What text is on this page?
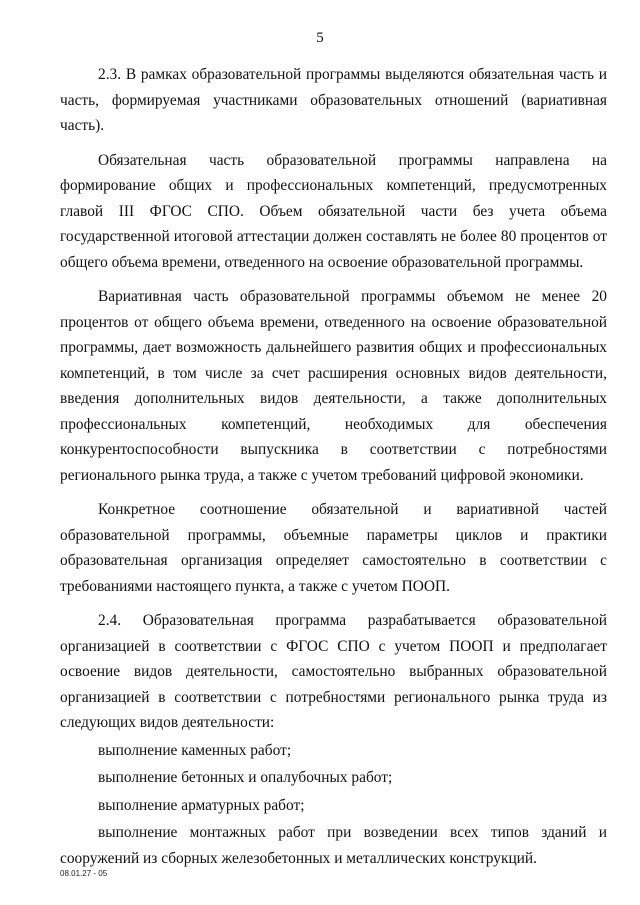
5

2.3. В рамках образовательной программы выделяются обязательная часть и часть, формируемая участниками образовательных отношений (вариативная часть).

Обязательная часть образовательной программы направлена на формирование общих и профессиональных компетенций, предусмотренных главой III ФГОС СПО. Объем обязательной части без учета объема государственной итоговой аттестации должен составлять не более 80 процентов от общего объема времени, отведенного на освоение образовательной программы.

Вариативная часть образовательной программы объемом не менее 20 процентов от общего объема времени, отведенного на освоение образовательной программы, дает возможность дальнейшего развития общих и профессиональных компетенций, в том числе за счет расширения основных видов деятельности, введения дополнительных видов деятельности, а также дополнительных профессиональных компетенций, необходимых для обеспечения конкурентоспособности выпускника в соответствии с потребностями регионального рынка труда, а также с учетом требований цифровой экономики.

Конкретное соотношение обязательной и вариативной частей образовательной программы, объемные параметры циклов и практики образовательная организация определяет самостоятельно в соответствии с требованиями настоящего пункта, а также с учетом ПООП.

2.4. Образовательная программа разрабатывается образовательной организацией в соответствии с ФГОС СПО с учетом ПООП и предполагает освоение видов деятельности, самостоятельно выбранных образовательной организацией в соответствии с потребностями регионального рынка труда из следующих видов деятельности:

выполнение каменных работ;

выполнение бетонных и опалубочных работ;

выполнение арматурных работ;

выполнение монтажных работ при возведении всех типов зданий и сооружений из сборных железобетонных и металлических конструкций.

08.01.27 - 05
